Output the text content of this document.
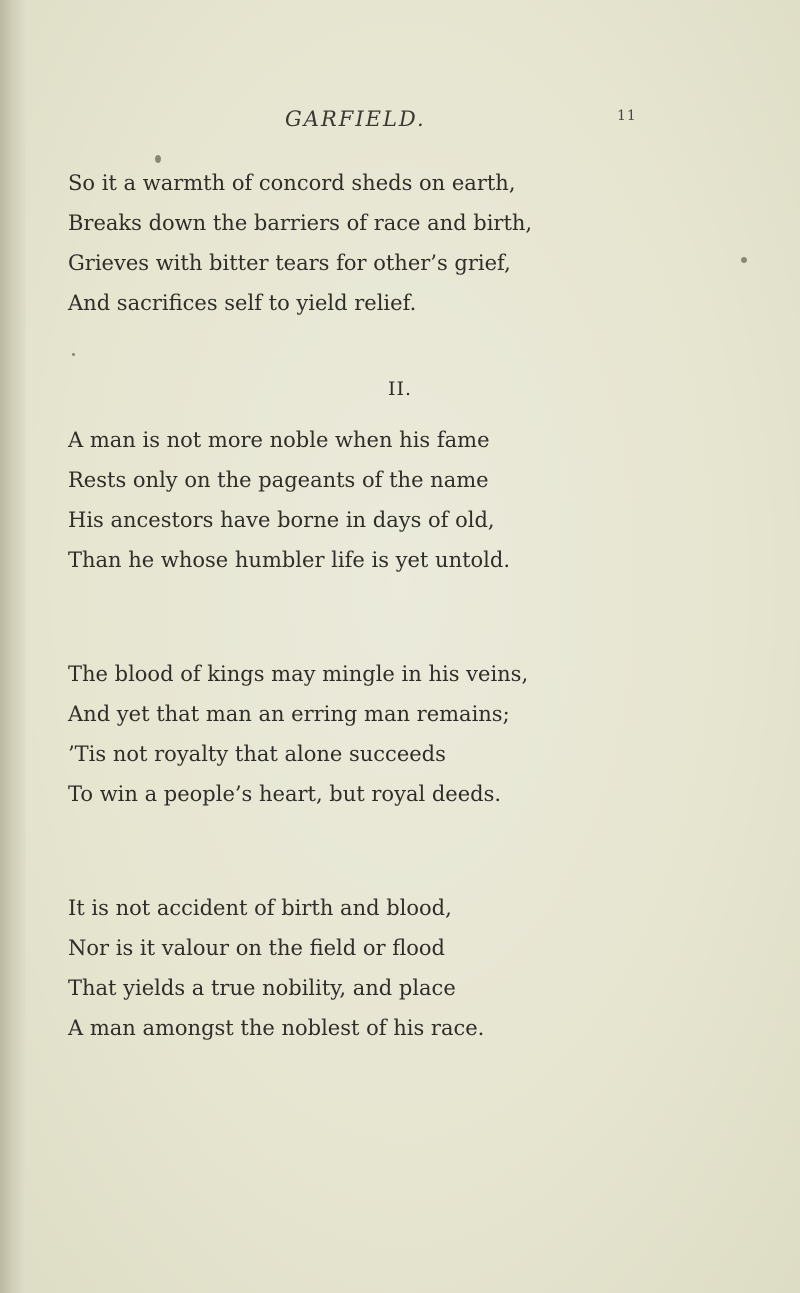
GARFIELD.	11
So it a warmth of concord sheds on earth,
Breaks down the barriers of race and birth,
Grieves with bitter tears for other’s grief,
And sacrifices self to yield relief.
II.
A man is not more noble when his fame
Rests only on the pageants of the name
His ancestors have borne in days of old,
Than he whose humbler life is yet untold.
The blood of kings may mingle in his veins,
And yet that man an erring man remains;
’Tis not royalty that alone succeeds
To win a people’s heart, but royal deeds.
It is not accident of birth and blood,
Nor is it valour on the field or flood
That yields a true nobility, and place
A man amongst the noblest of his race.
